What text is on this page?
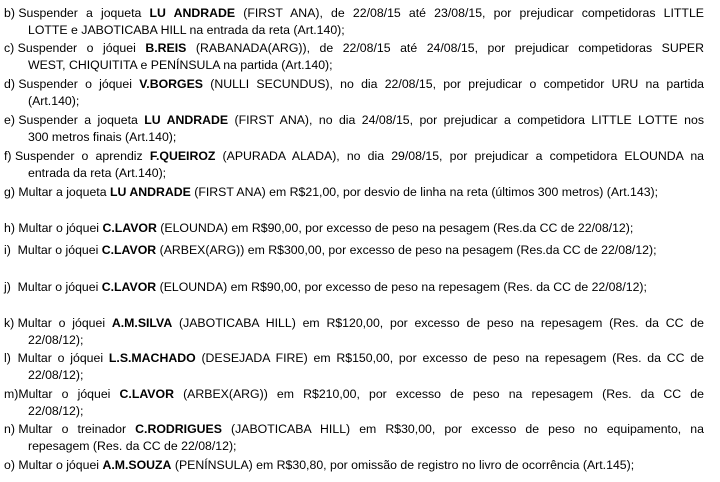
b) Suspender a joqueta LU ANDRADE (FIRST ANA), de 22/08/15 até 23/08/15, por prejudicar competidoras LITTLE
LOTTE e JABOTICABA HILL na entrada da reta (Art.140);
c) Suspender o jóquei B.REIS (RABANADA(ARG)), de 22/08/15 até 24/08/15, por prejudicar competidoras SUPER
WEST, CHIQUITITA e PENÍNSULA na partida (Art.140);
d) Suspender o jóquei V.BORGES (NULLI SECUNDUS), no dia 22/08/15, por prejudicar o competidor URU na partida
(Art.140);
e) Suspender a joqueta LU ANDRADE (FIRST ANA), no dia 24/08/15, por prejudicar a competidora LITTLE LOTTE nos
300 metros finais (Art.140);
f) Suspender o aprendiz F.QUEIROZ (APURADA ALADA), no dia 29/08/15, por prejudicar a competidora ELOUNDA na
entrada da reta (Art.140);
g) Multar a joqueta LU ANDRADE (FIRST ANA) em R$21,00, por desvio de linha na reta (últimos 300 metros) (Art.143);
h) Multar o jóquei C.LAVOR (ELOUNDA) em R$90,00, por excesso de peso na pesagem (Res.da CC de 22/08/12);
i) Multar o jóquei C.LAVOR (ARBEX(ARG)) em R$300,00, por excesso de peso na pesagem (Res.da CC de 22/08/12);
j) Multar o jóquei C.LAVOR (ELOUNDA) em R$90,00, por excesso de peso na repesagem (Res. da CC de 22/08/12);
k) Multar o jóquei A.M.SILVA (JABOTICABA HILL) em R$120,00, por excesso de peso na repesagem (Res. da CC de
22/08/12);
l) Multar o jóquei L.S.MACHADO (DESEJADA FIRE) em R$150,00, por excesso de peso na repesagem (Res. da CC de
22/08/12);
m) Multar o jóquei C.LAVOR (ARBEX(ARG)) em R$210,00, por excesso de peso na repesagem (Res. da CC de
22/08/12);
n) Multar o treinador C.RODRIGUES (JABOTICABA HILL) em R$30,00, por excesso de peso no equipamento, na
repesagem (Res. da CC de 22/08/12);
o) Multar o jóquei A.M.SOUZA (PENÍNSULA) em R$30,80, por omissão de registro no livro de ocorrência (Art.145);
